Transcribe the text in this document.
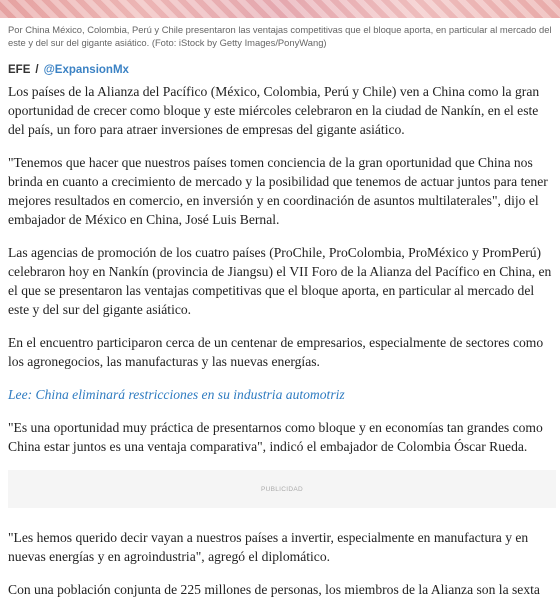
Por China México, Colombia, Perú y Chile presentaron las ventajas competitivas que el bloque aporta, en particular al mercado del este y del sur del gigante asiático. (Foto: iStock by Getty Images/PonyWang)
EFE / @ExpansionMx

Los países de la Alianza del Pacífico (México, Colombia, Perú y Chile) ven a China como la gran oportunidad de crecer como bloque y este miércoles celebraron en la ciudad de Nankín, en el este del país, un foro para atraer inversiones de empresas del gigante asiático.

"Tenemos que hacer que nuestros países tomen conciencia de la gran oportunidad que China nos brinda en cuanto a crecimiento de mercado y la posibilidad que tenemos de actuar juntos para tener mejores resultados en comercio, en inversión y en coordinación de asuntos multilaterales", dijo el embajador de México en China, José Luis Bernal.

Las agencias de promoción de los cuatro países (ProChile, ProColombia, ProMéxico y PromPerú) celebraron hoy en Nankín (provincia de Jiangsu) el VII Foro de la Alianza del Pacífico en China, en el que se presentaron las ventajas competitivas que el bloque aporta, en particular al mercado del este y del sur del gigante asiático.

En el encuentro participaron cerca de un centenar de empresarios, especialmente de sectores como los agronegocios, las manufacturas y las nuevas energías.

Lee: China eliminará restricciones en su industria automotriz

"Es una oportunidad muy práctica de presentarnos como bloque y en economías tan grandes como China estar juntos es una ventaja comparativa", indicó el embajador de Colombia Óscar Rueda.

PUBLICIDAD

"Les hemos querido decir vayan a nuestros países a invertir, especialmente en manufactura y en nuevas energías y en agroindustria", agregó el diplomático.

Con una población conjunta de 225 millones de personas, los miembros de la Alianza son la sexta
